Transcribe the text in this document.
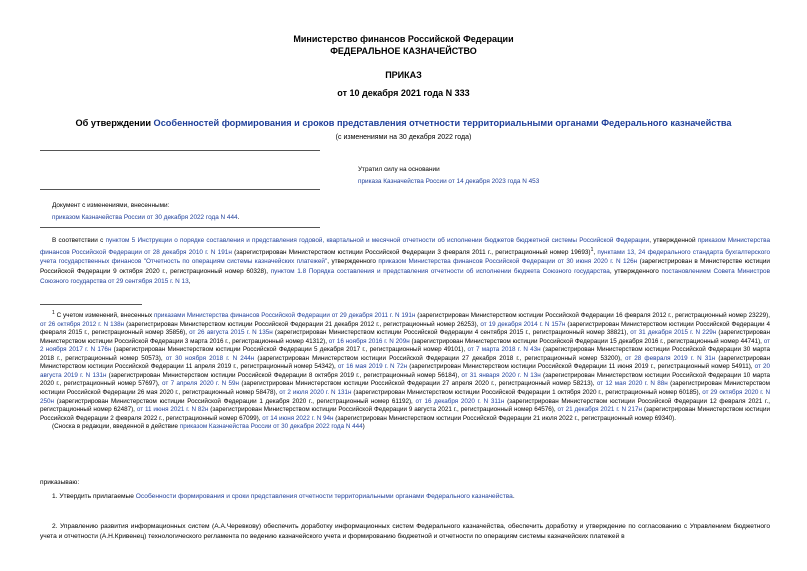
Министерство финансов Российской Федерации
ФЕДЕРАЛЬНОЕ КАЗНАЧЕЙСТВО
ПРИКАЗ
от 10 декабря 2021 года N 333
Об утверждении Особенностей формирования и сроков представления отчетности территориальными органами Федерального казначейства
(с изменениями на 30 декабря 2022 года)
Утратил силу на основании
приказа Казначейства России от 14 декабря 2023 года N 453
Документ с изменениями, внесенными:
приказом Казначейства России от 30 декабря 2022 года N 444.
В соответствии с пунктом 5 Инструкции о порядке составления и представления годовой, квартальной и месячной отчетности об исполнении бюджетов бюджетной системы Российской Федерации, утвержденной приказом Министерства финансов Российской Федерации от 28 декабря 2010 г. N 191н (зарегистрирован Министерством юстиции Российской Федерации 3 февраля 2011 г., регистрационный номер 19693)$^1$, пунктами 13, 24 федерального стандарта бухгалтерского учета государственных финансов "Отчетность по операциям системы казначейских платежей", утвержденного приказом Министерства финансов Российской Федерации от 30 июня 2020 г. N 126н (зарегистрирован в Министерстве юстиции Российской Федерации 9 октября 2020 г., регистрационный номер 60328), пунктом 1.8 Порядка составления и представления отчетности об исполнении бюджета Союзного государства, утвержденного постановлением Совета Министров Союзного государства от 29 сентября 2015 г. N 13,
$^1$ С учетом изменений, внесенных приказами Министерства финансов Российской Федерации от 29 декабря 2011 г. N 191н (зарегистрирован Министерством юстиции Российской Федерации 16 февраля 2012 г., регистрационный номер 23229), от 26 октября 2012 г. N 138н (зарегистрирован Министерством юстиции Российской Федерации 21 декабря 2012 г., регистрационный номер 26253), от 19 декабря 2014 г. N 157н (зарегистрирован Министерством юстиции Российской Федерации 4 февраля 2015 г., регистрационный номер 35856), от 26 августа 2015 г. N 135н (зарегистрирован Министерством юстиции Российской Федерации 4 сентября 2015 г., регистрационный номер 38821), от 31 декабря 2015 г. N 229н (зарегистрирован Министерством юстиции Российской Федерации 3 марта 2016 г., регистрационный номер 41312), от 16 ноября 2016 г. N 209н (зарегистрирован Министерством юстиции Российской Федерации 15 декабря 2016 г., регистрационный номер 44741), от 2 ноября 2017 г. N 176н (зарегистрирован Министерством юстиции Российской Федерации 5 декабря 2017 г., регистрационный номер 49101), от 7 марта 2018 г. N 43н (зарегистрирован Министерством юстиции Российской Федерации 30 марта 2018 г., регистрационный номер 50573), от 30 ноября 2018 г. N 244н (зарегистрирован Министерством юстиции Российской Федерации 27 декабря 2018 г., регистрационный номер 53200), от 28 февраля 2019 г. N 31н (зарегистрирован Министерством юстиции Российской Федерации 11 апреля 2019 г., регистрационный номер 54342), от 16 мая 2019 г. N 72н (зарегистрирован Министерством юстиции Российской Федерации 11 июня 2019 г., регистрационный номер 54911), от 20 августа 2019 г. N 131н (зарегистрирован Министерством юстиции Российской Федерации 8 октября 2019 г., регистрационный номер 56184), от 31 января 2020 г. N 13н (зарегистрирован Министерством юстиции Российской Федерации 10 марта 2020 г., регистрационный номер 57697), от 7 апреля 2020 г. N 59н (зарегистрирован Министерством юстиции Российской Федерации 27 апреля 2020 г., регистрационный номер 58213), от 12 мая 2020 г. N 88н (зарегистрирован Министерством юстиции Российской Федерации 26 мая 2020 г., регистрационный номер 58478), от 2 июля 2020 г. N 131н (зарегистрирован Министерством юстиции Российской Федерации 1 октября 2020 г., регистрационный номер 60185), от 29 октября 2020 г. N 250н (зарегистрирован Министерством юстиции Российской Федерации 1 декабря 2020 г., регистрационный номер 61192), от 16 декабря 2020 г. N 311н (зарегистрирован Министерством юстиции Российской Федерации 12 февраля 2021 г., регистрационный номер 62487), от 11 июня 2021 г. N 82н (зарегистрирован Министерством юстиции Российской Федерации 9 августа 2021 г., регистрационный номер 64576), от 21 декабря 2021 г. N 217н (зарегистрирован Министерством юстиции Российской Федерации 2 февраля 2022 г., регистрационный номер 67099), от 14 июня 2022 г. N 94н (зарегистрирован Министерством юстиции Российской Федерации 21 июля 2022 г., регистрационный номер 69340).
(Сноска в редакции, введенной в действие приказом Казначейства России от 30 декабря 2022 года N 444)
приказываю:
1. Утвердить прилагаемые Особенности формирования и сроки представления отчетности территориальными органами Федерального казначейства.
2. Управлению развития информационных систем (А.А.Черевкову) обеспечить доработку информационных систем Федерального казначейства, обеспечить доработку и утверждение по согласованию с Управлением бюджетного учета и отчетности (А.Н.Кривенец) технологического регламента по ведению казначейского учета и формированию бюджетной и отчетности по операциям системы казначейских платежей в
